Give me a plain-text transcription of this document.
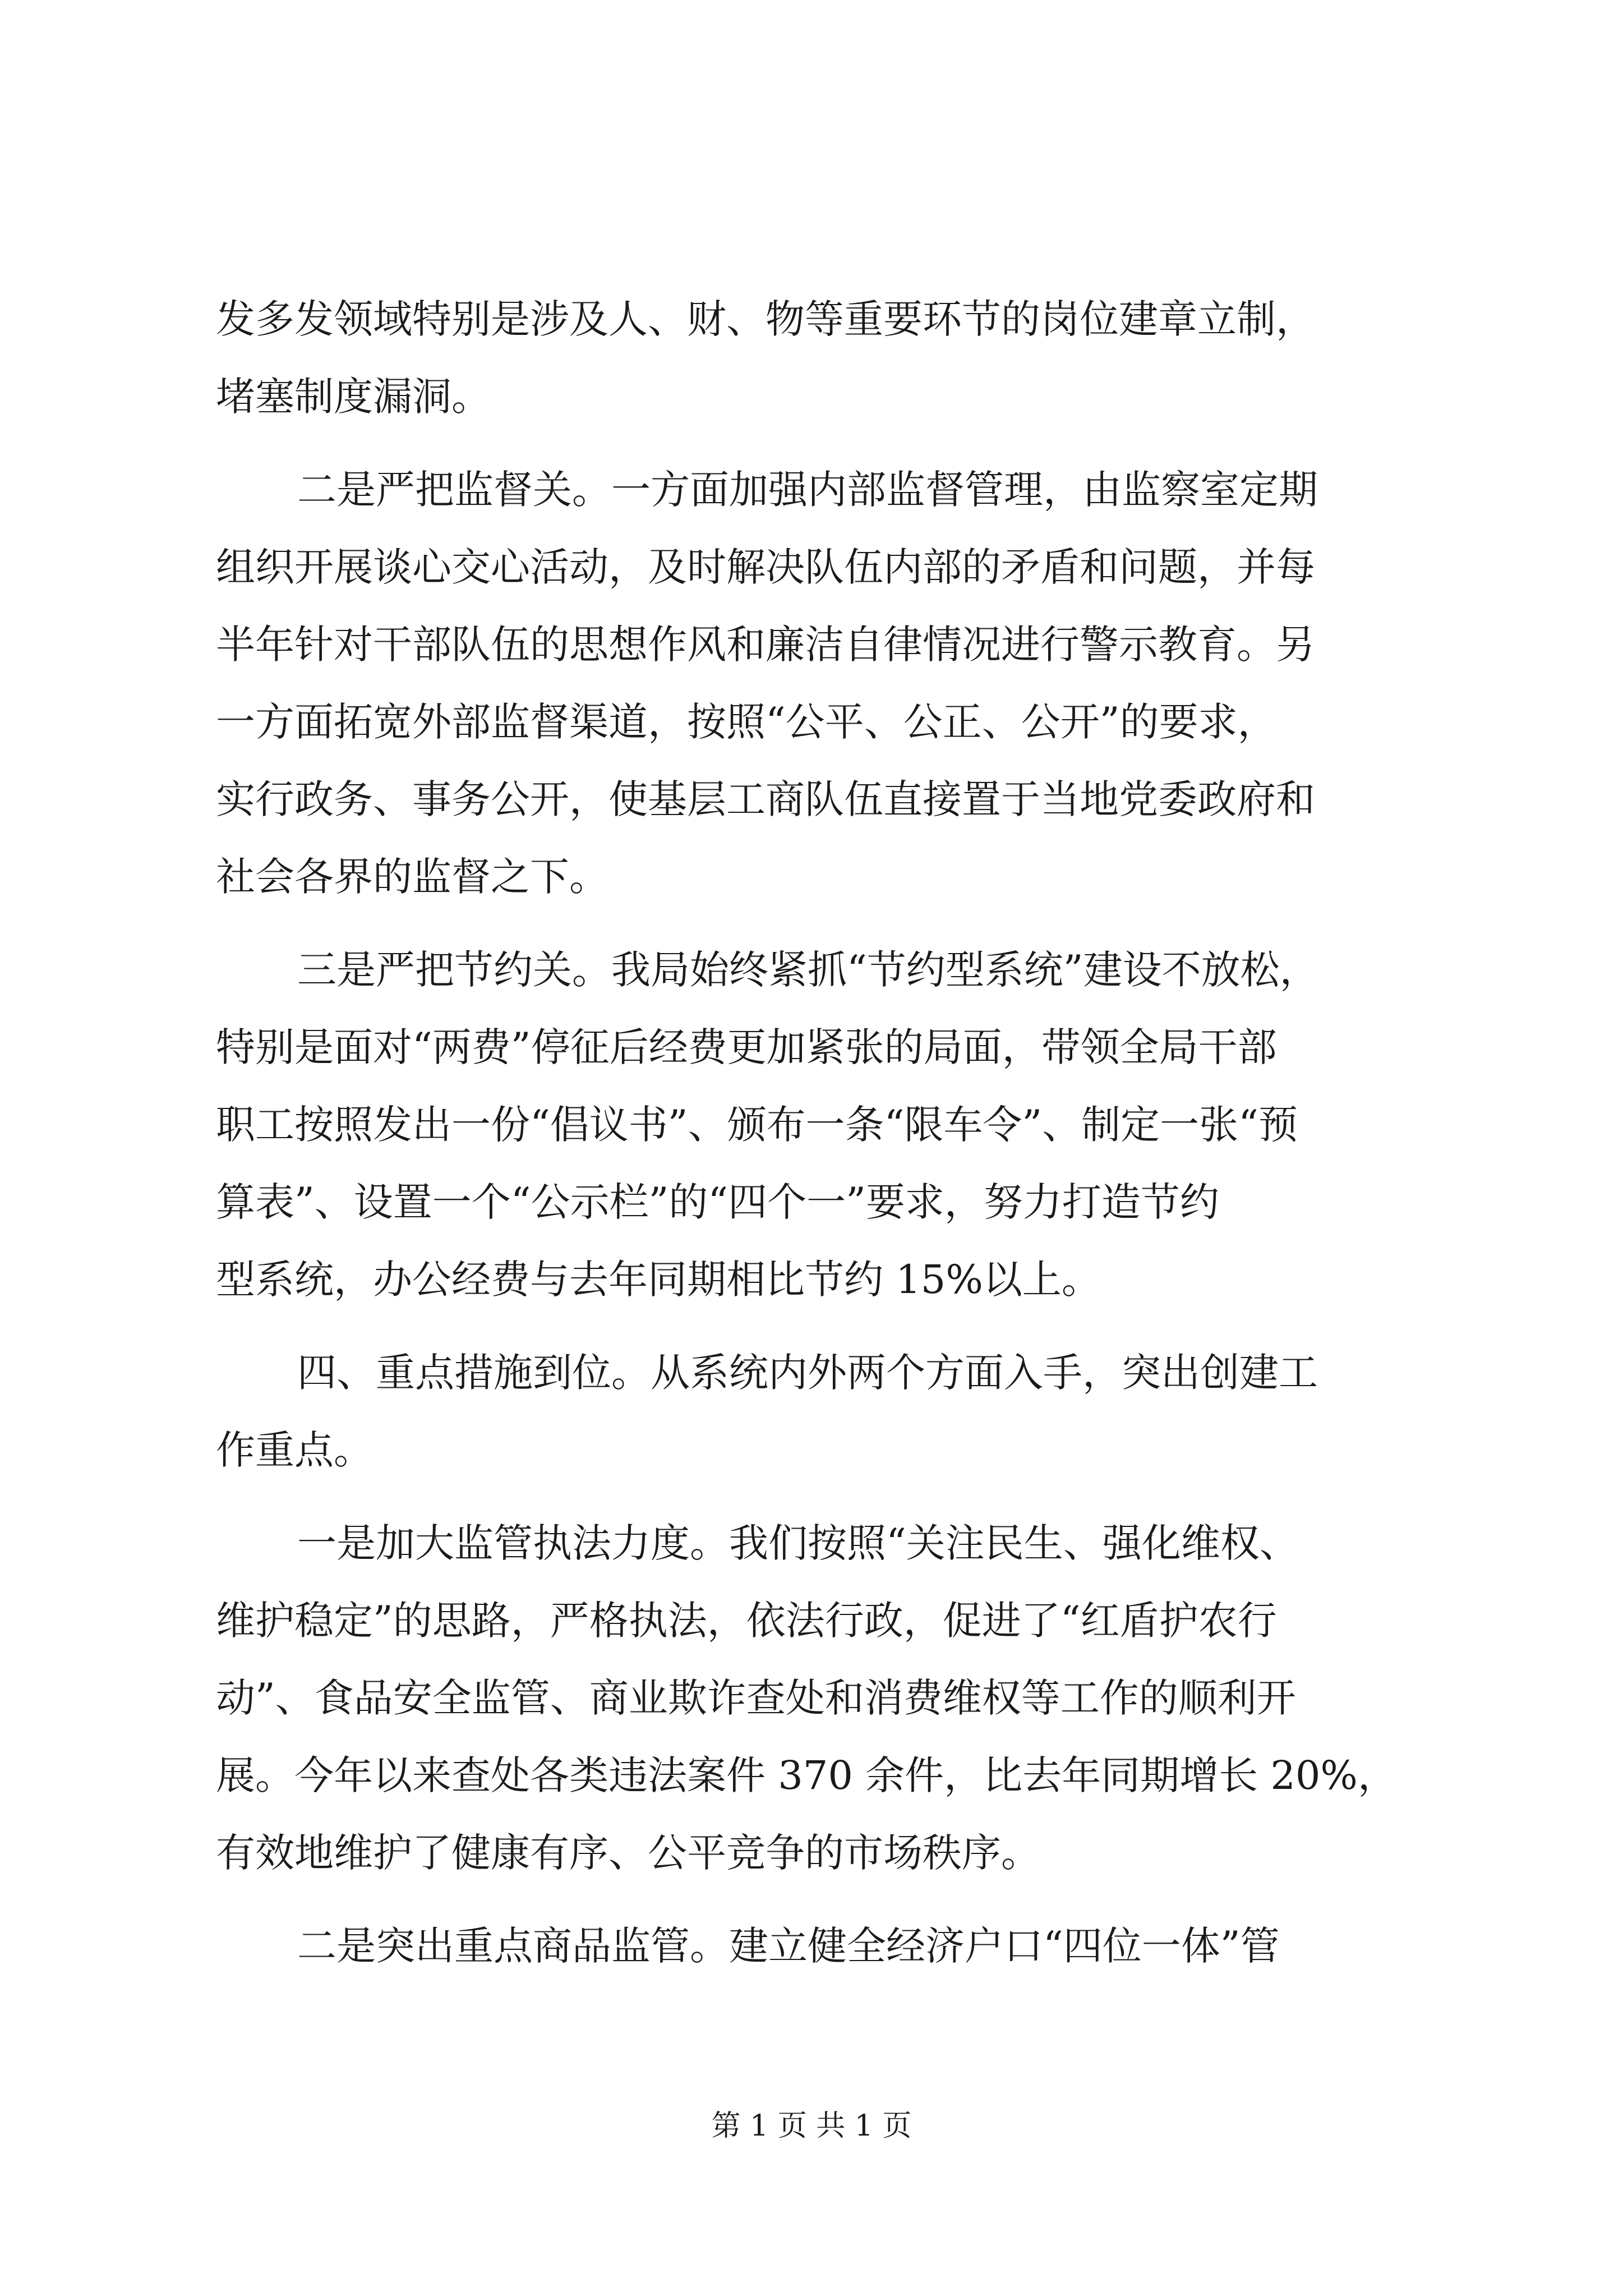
发多发领域特别是涉及人、财、物等重要环节的岗位建章立制，
堵塞制度漏洞。
二是严把监督关。一方面加强内部监督管理，由监察室定期
组织开展谈心交心活动，及时解决队伍内部的矛盾和问题，并每
半年针对干部队伍的思想作风和廉洁自律情况进行警示教育。另
一方面拓宽外部监督渠道，按照“公平、公正、公开”的要求，
实行政务、事务公开，使基层工商队伍直接置于当地党委政府和
社会各界的监督之下。
三是严把节约关。我局始终紧抓“节约型系统”建设不放松，
特别是面对“两费”停征后经费更加紧张的局面，带领全局干部
职工按照发出一份“倡议书”、颁布一条“限车令”、制定一张“预
算表”、设置一个“公示栏”的“四个一”要求，努力打造节约
型系统，办公经费与去年同期相比节约 15%以上。
四、重点措施到位。从系统内外两个方面入手，突出创建工
作重点。
一是加大监管执法力度。我们按照“关注民生、强化维权、
维护稳定”的思路，严格执法，依法行政，促进了“红盾护农行
动”、食品安全监管、商业欺诈查处和消费维权等工作的顺利开
展。今年以来查处各类违法案件 370 余件，比去年同期增长 20%，
有效地维护了健康有序、公平竞争的市场秩序。
二是突出重点商品监管。建立健全经济户口“四位一体”管
第 1 页 共 1 页
